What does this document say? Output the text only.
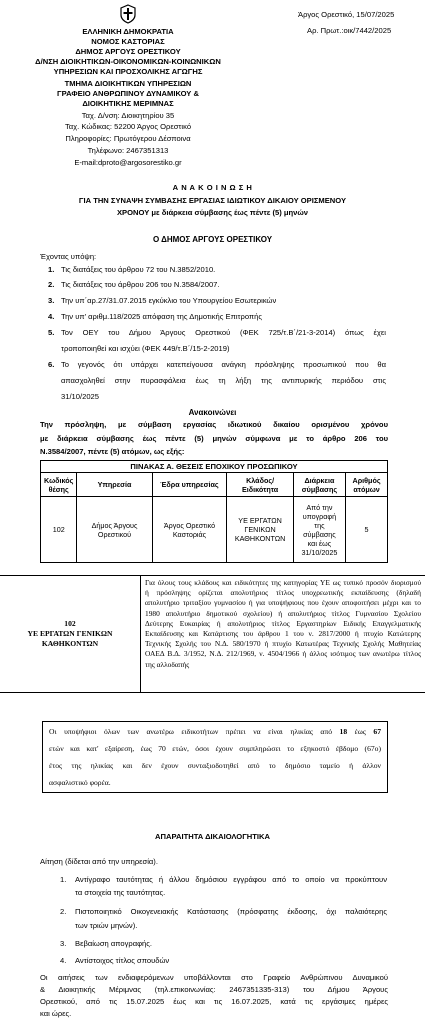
ΕΛΛΗΝΙΚΗ ΔΗΜΟΚΡΑΤΙΑ
ΝΟΜΟΣ ΚΑΣΤΟΡΙΑΣ
ΔΗΜΟΣ ΑΡΓΟΥΣ ΟΡΕΣΤΙΚΟΥ
Δ/ΝΣΗ ΔΙΟΙΚΗΤΙΚΩΝ-ΟΙΚΟΝΟΜΙΚΩΝ-ΚΟΙΝΩΝΙΚΩΝ
ΥΠΗΡΕΣΙΩΝ ΚΑΙ ΠΡΟΣΧΟΛΙΚΗΣ ΑΓΩΓΗΣ
ΤΜΗΜΑ ΔΙΟΙΚΗΤΙΚΩΝ ΥΠΗΡΕΣΙΩΝ
ΓΡΑΦΕΙΟ ΑΝΘΡΩΠΙΝΟΥ ΔΥΝΑΜΙΚΟΥ &
ΔΙΟΙΚΗΤΙΚΗΣ ΜΕΡΙΜΝΑΣ
Ταχ. Δ/νση: Διοικητηρίου 35
Ταχ. Κώδικας: 52200 Άργος Ορεστικό
Πληροφορίες: Πρωτόγερου Δέσποινα
Τηλέφωνο: 2467351313
E-mail:dproto@argosorestiko.gr
Άργος Ορεστικό, 15/07/2025
Αρ. Πρωτ.:οικ/7442/2025
Α Ν Α Κ Ο Ι Ν Ω Σ Η
ΓΙΑ ΤΗΝ ΣΥΝΑΨΗ ΣΥΜΒΑΣΗΣ ΕΡΓΑΣΙΑΣ ΙΔΙΩΤΙΚΟΥ ΔΙΚΑΙΟΥ ΟΡΙΣΜΕΝΟΥ
ΧΡΟΝΟΥ με διάρκεια σύμβασης έως πέντε (5) μηνών
Ο ΔΗΜΟΣ ΑΡΓΟΥΣ ΟΡΕΣΤΙΚΟΥ
Έχοντας υπόψη:
1. Τις διατάξεις του άρθρου 72 του Ν.3852/2010.
2. Τις διατάξεις του άρθρου 206 του Ν.3584/2007.
3. Την υπ΄αρ.27/31.07.2015 εγκύκλιο του Υπουργείου Εσωτερικών
4. Την υπ' αριθμ.118/2025 απόφαση της Δημοτικής Επιτροπής
5. Τον ΟΕΥ του Δήμου Άργους Ορεστικού (ΦΕΚ 725/τ.Β΄/21-3-2014) όπως έχει
τροποποιηθεί και ισχύει (ΦΕΚ 449/τ.Β΄/15-2-2019)
6. Το γεγονός ότι υπάρχει κατεπείγουσα ανάγκη πρόσληψης προσωπικού που θα
απασχοληθεί στην πυρασφάλεια έως τη λήξη της αντιπυρικής περιόδου στις
31/10/2025
Ανακοινώνει
Την πρόσληψη, με σύμβαση εργασίας ιδιωτικού δικαίου ορισμένου χρόνου
με διάρκεια σύμβασης έως πέντε (5) μηνών σύμφωνα με το άρθρο 206 του
Ν.3584/2007, πέντε (5) ατόμων, ως εξής:
ΠΙΝΑΚΑΣ Α. ΘΕΣΕΙΣ ΕΠΟΧΙΚΟΥ ΠΡΟΣΩΠΙΚΟΥ					
Κωδικός θέσης	Υπηρεσία	Έδρα υπηρεσίας	Κλάδος/ Ειδικότητα	Διάρκεια σύμβασης	Αριθμός ατόμων
102	Δήμος Άργους Ορεστικού	Άργος Ορεστικό Καστοριάς	ΥΕ ΕΡΓΑΤΩΝ ΓΕΝΙΚΩΝ ΚΑΘΗΚΟΝΤΩΝ	Από την υπογραφή της σύμβασης και έως 31/10/2025	5
102
ΥΕ ΕΡΓΑΤΩΝ ΓΕΝΙΚΩΝ ΚΑΘΗΚΟΝΤΩΝ

Για όλους τους κλάδους και ειδικότητες της κατηγορίας ΥΕ ως τυπικό προσόν διορισμού
ή πρόσληψης ορίζεται απολυτήριος τίτλος υποχρεωτικής εκπαίδευσης (δηλαδή
απολυτήριο τριταξίου γυμνασίου ή για υποψήφιους που έχουν αποφοιτήσει μέχρι και το
1980 απολυτήριο δημοτικού σχολείου) ή απολυτήριος τίτλος Γυμνασίου Σχολείου
Δεύτερης Ευκαιρίας ή απολυτήριος τίτλος Εργαστηρίων Ειδικής Επαγγελματικής
Εκπαίδευσης και Κατάρτισης του άρθρου 1 του ν. 2817/2000 ή πτυχίο Κατώτερης
Τεχνικής Σχολής του Ν.Δ. 580/1970 ή πτυχίο Κατωτέρας Τεχνικής Σχολής Μαθητείας
ΟΑΕΔ Β.Δ. 3/1952, Ν.Δ. 212/1969, ν. 4504/1966 ή άλλος ισότιμος των ανωτέρω τίτλος
της αλλοδαπής
Οι υποψήφιοι όλων των ανωτέρω ειδικοτήτων πρέπει να είναι ηλικίας από 18 έως 67
ετών και κατ' εξαίρεση, έως 70 ετών, όσοι έχουν συμπληρώσει το εξηκοστό έβδομο (67ο)
έτος της ηλικίας και δεν έχουν συνταξιοδοτηθεί από το δημόσιο ταμείο ή άλλον
ασφαλιστικό φορέα.
ΑΠΑΡΑΙΤΗΤΑ ΔΙΚΑΙΟΛΟΓΗΤΙΚΑ
Αίτηση (δίδεται από την υπηρεσία).
1. Αντίγραφο ταυτότητας ή άλλου δημόσιου εγγράφου από το οποίο να προκύπτουν
τα στοιχεία της ταυτότητας.
2. Πιστοποιητικό Οικογενειακής Κατάστασης (πρόσφατης έκδοσης, όχι παλαιότερης
των τριών μηνών).
3. Βεβαίωση απογραφής.
4. Αντίστοιχος τίτλος σπουδών
Οι αιτήσεις των ενδιαφερόμενων υποβάλλονται στο Γραφείο Ανθρώπινου Δυναμικού
& Διοικητικής Μέριμνας (τηλ.επικοινωνίας: 2467351335-313) του Δήμου Άργους
Ορεστικού, από τις 15.07.2025 έως και τις 16.07.2025, κατά τις εργάσιμες ημέρες
και ώρες.
